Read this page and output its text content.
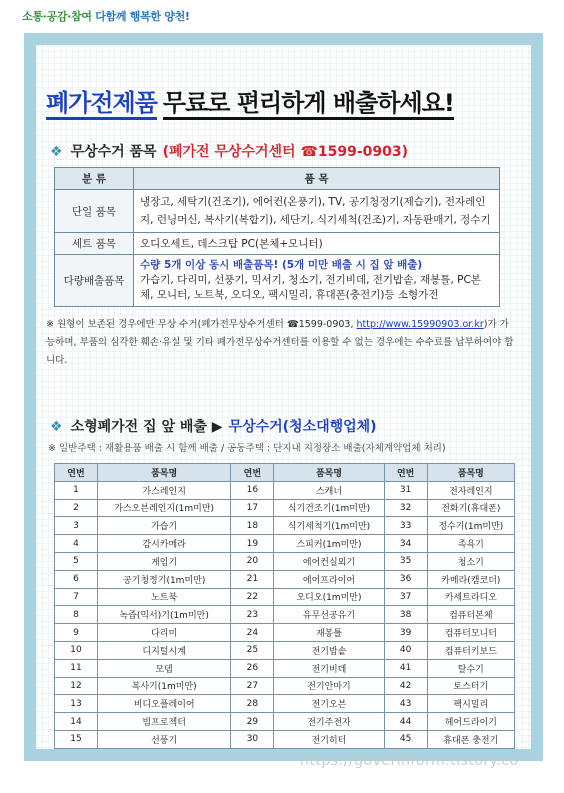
소통·공감·참여 다함께 행복한 양천!
폐가전제품 무료로 편리하게 배출하세요!
❖ 무상수거 품목 (폐가전 무상수거센터 ☎1599-0903)
분 류	품 목
단일 품목	냉장고, 세탁기(건조기), 에어컨(온풍기), TV, 공기청정기(제습기), 전자레인지, 런닝머신, 복사기(복합기), 세단기, 식기세척(건조)기, 자동판매기, 정수기
세트 품목	오디오세트, 데스크탑 PC(본체+모니터)
다량배출품목	수량 5개 이상 동시 배출품목! (5개 미만 배출 시 집 앞 배출)
가습기, 다리미, 선풍기, 믹서기, 청소기, 전기비데, 전기밥솥, 재봉틀, PC본체, 모니터, 노트북, 오디오, 팩시밀리, 휴대폰(충전기)등 소형가전
※ 원형이 보존된 경우에만 무상 수거(폐가전무상수거센터 ☎1599-0903, http://www.15990903.or.kr)가 가능하며, 부품의 심각한 훼손·유실 및 기타 폐가전무상수거센터를 이용할 수 없는 경우에는 수수료를 납부하여야 합니다.
❖ 소형폐가전 집 앞 배출 ▶ 무상수거(청소대행업체)
※ 일반주택 : 재활용품 배출 시 함께 배출 / 공동주택 : 단지내 지정장소 배출(자체계약업체 처리)
연번	품목명	연번	품목명	연번	품목명
1	가스레인지	16	스캐너	31	전자레인지
2	가스오븐레인지(1m미만)	17	식기건조기(1m미만)	32	전화기(휴대폰)
3	가습기	18	식기세척기(1m미만)	33	정수기(1m미만)
4	감시카메라	19	스피커(1m미만)	34	족욕기
5	게임기	20	에어컨실외기	35	청소기
6	공기청정기(1m미만)	21	에어프라이어	36	카메라(캠코더)
7	노트북	22	오디오(1m미만)	37	카세트라디오
8	녹즙(믹서)기(1m미만)	23	유무선공유기	38	컴퓨터본체
9	다리미	24	재봉틀	39	컴퓨터모니터
10	디지털시계	25	전기밥솥	40	컴퓨터키보드
11	모뎀	26	전기비데	41	탈수기
12	복사기(1m미만)	27	전기안마기	42	토스터기
13	비디오플레이어	28	전기오븐	43	팩시밀리
14	빔프로젝터	29	전기주전자	44	헤어드라이기
15	선풍기	30	전기히터	45	휴대폰 충전기
https://goverinform.tistory.co
